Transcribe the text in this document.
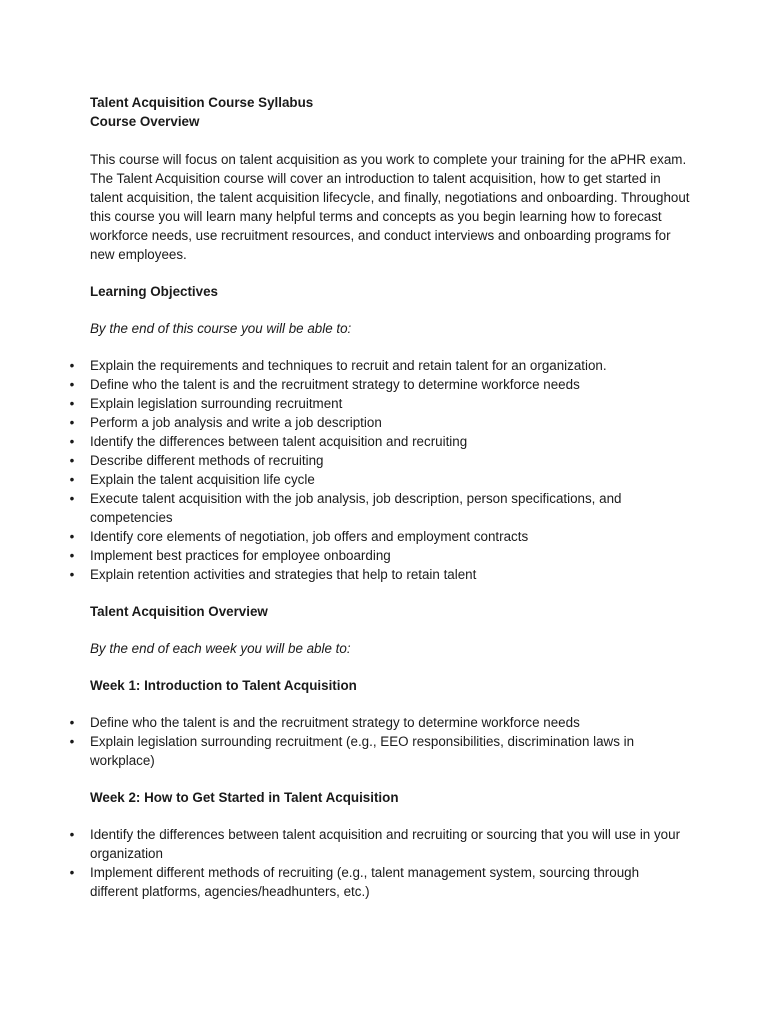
Talent Acquisition Course Syllabus
Course Overview
This course will focus on talent acquisition as you work to complete your training for the aPHR exam. The Talent Acquisition course will cover an introduction to talent acquisition, how to get started in talent acquisition, the talent acquisition lifecycle, and finally, negotiations and onboarding. Throughout this course you will learn many helpful terms and concepts as you begin learning how to forecast workforce needs, use recruitment resources, and conduct interviews and onboarding programs for new employees.
Learning Objectives
By the end of this course you will be able to:
• Explain the requirements and techniques to recruit and retain talent for an organization.
• Define who the talent is and the recruitment strategy to determine workforce needs
• Explain legislation surrounding recruitment
• Perform a job analysis and write a job description
• Identify the differences between talent acquisition and recruiting
• Describe different methods of recruiting
• Explain the talent acquisition life cycle
• Execute talent acquisition with the job analysis, job description, person specifications, and competencies
• Identify core elements of negotiation, job offers and employment contracts
• Implement best practices for employee onboarding
• Explain retention activities and strategies that help to retain talent
Talent Acquisition Overview
By the end of each week you will be able to:
Week 1: Introduction to Talent Acquisition
• Define who the talent is and the recruitment strategy to determine workforce needs
• Explain legislation surrounding recruitment (e.g., EEO responsibilities, discrimination laws in workplace)
Week 2: How to Get Started in Talent Acquisition
• Identify the differences between talent acquisition and recruiting or sourcing that you will use in your organization
• Implement different methods of recruiting (e.g., talent management system, sourcing through different platforms, agencies/headhunters, etc.)
